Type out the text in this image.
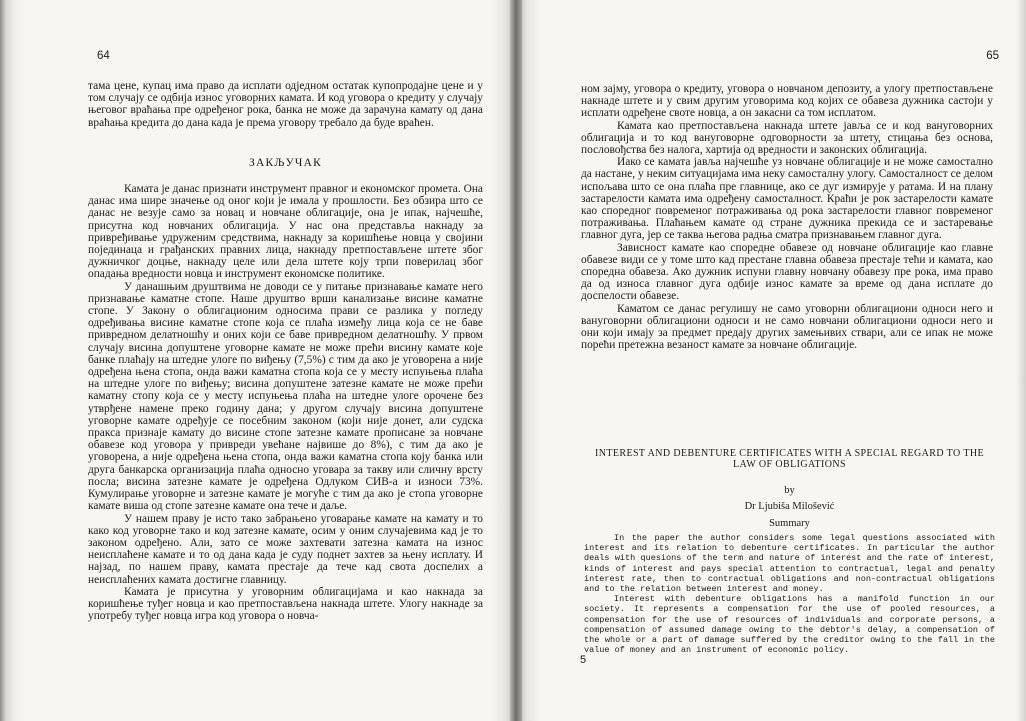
64

тама цене, купац има право да исплати одједном остатак купопродајне цене и у том случају се одбија износ уговорних камата. И код уговора о кредиту у случају његовог враћања пре одређеног рока, банка не може да зарачуна камату од дана враћања кредита до дана када је према уговору требало да буде враћен.

ЗАКЉУЧАК

Камата је данас признати инструмент правног и економског промета. Она данас има шире значење од оног који је имала у прошлости. Без обзира што се данас не везује само за новац и новчане облигације, она је ипак, најчешће, присутна код новчаних облигација. У нас она представља накнаду за привређивање удруженим средствима, накнаду за коришћење новца у својини појединаца и грађанских правних лица, накнаду претпостављене штете због дужничког доцње, накнаду целе или дела штете коју трпи поверилац због опадања вредности новца и инструмент економске политике.

У данашњим друштвима не доводи се у питање признавање камате него признавање каматне стопе. Наше друштво врши канализање висине каматне стопе. У Закону о облигационим односима прави се разлика у погледу одређивања висине каматне стопе која се плаћа између лица која се не баве привредном делатношћу и оних који се баве привредном делатношћу. У првом случају висина допуштене уговорне камате не може прећи висину камате које банке плаћају на штедне улоге по виђењу (7,5%) с тим да ако је уговорена а није одређена њена стопа, онда важи каматна стопа која се у месту испуњења плаћа на штедне улоге по виђењу; висина допуштене затезне камате не може прећи каматну стопу која се у месту испуњења плаћа на штедне улоге орочене без утврђене намене преко годину дана; у другом случају висина допуштене уговорне камате одређује се посебним законом (који није донет, али судска пракса признаје камату до висине стопе затезне камате прописане за новчане обавезе код уговора у привреди увећане највише до 8%), с тим да ако је уговорена, а није одређена њена стопа, онда важи каматна стопа коју банка или друга банкарска организација плаћа односно уговара за такву или сличну врсту посла; висина затезне камате је одређена Одлуком СИВ-а и износи 73%. Кумулирање уговорне и затезне камате је могуће с тим да ако је стопа уговорне камате виша од стопе затезне камате она тече и даље.

У нашем праву је исто тако забрањено уговарање камате на камату и то како код уговорне тако и код затезне камате, осим у оним случајевима кад је то законом одређено. Али, зато се може захтевати затезна камата на износ неисплаћене камате и то од дана када је суду поднет захтев за њену исплату. И најзад, по нашем праву, камата престаје да тече кад свота доспелих а неисплаћених камата достигне главницу.

Камата је присутна у уговорним облигацијама и као накнада за коришћење туђег новца и као претпостављена накнада штете. Улогу накнаде за употребу туђег новца игра код уговора о новча-

65

ном зајму, уговора о кредиту, уговора о новчаном депозиту, а улогу претпостављене накнаде штете и у свим другим уговорима код којих се обавеза дужника састоји у исплати одређене своте новца, а он закасни са том исплатом.

Камата као претпостављена накнада штете јавља се и код вануговорних облигација и то код вануговорне одговорности за штету, стицања без основа, пословођства без налога, хартија од вредности и законских облигација.

Иако се камата јавља најчешће уз новчане облигације и не може самостално да настане, у неким ситуацијама има неку самосталну улогу. Самосталност се делом испољава што се она плаћа пре главнице, ако се дуг измирује у ратама. И на плану застарелости камата има одређену самосталност. Краћи је рок застарелости камате као споредног повременог потраживања од рока застарелости главног повременог потраживања. Плаћањем камате од стране дужника прекида се и застаревање главног дуга, јер се таква његова радња сматра признавањем главног дуга.

Зависност камате као споредне обавезе од новчане облигације као главне обавезе види се у томе што кад престане главна обавеза престаје тећи и камата, као споредна обавеза. Ако дужник испуни главну новчану обавезу пре рока, има право да од износа главног дуга одбије износ камате за време од дана исплате до доспелости обавезе.

Каматом се данас регулишу не само уговорни облигациони односи него и вануговорни облигациони односи и не само новчани облигациони односи него и они који имају за предмет предају других замењивих ствари, али се ипак не може порећи претежна везаност камате за новчане облигације.

INTEREST AND DEBENTURE CERTIFICATES WITH A SPECIAL REGARD TO THE LAW OF OBLIGATIONS

by

Dr Ljubiša Milošević

Summary

In the paper the author considers some legal questions associated with interest and its relation to debenture certificates. In particular the author deals with quesions of the term and nature of interest and the rate of interest, kinds of interest and pays special attention to contractual, legal and penalty interest rate, then to contractual obligations and non-contractual obligations and to the relation between interest and money.

Interest with debenture obligations has a manifold function in our society. It represents a compensation for the use of pooled resources, a compensation for the use of resources of individuals and corporate persons, a compensation of assumed damage owing to the debtor's delay, a compensation of the whole or a part of damage suffered by the creditor owing to the fall in the value of money and an instrument of economic policy.

5
